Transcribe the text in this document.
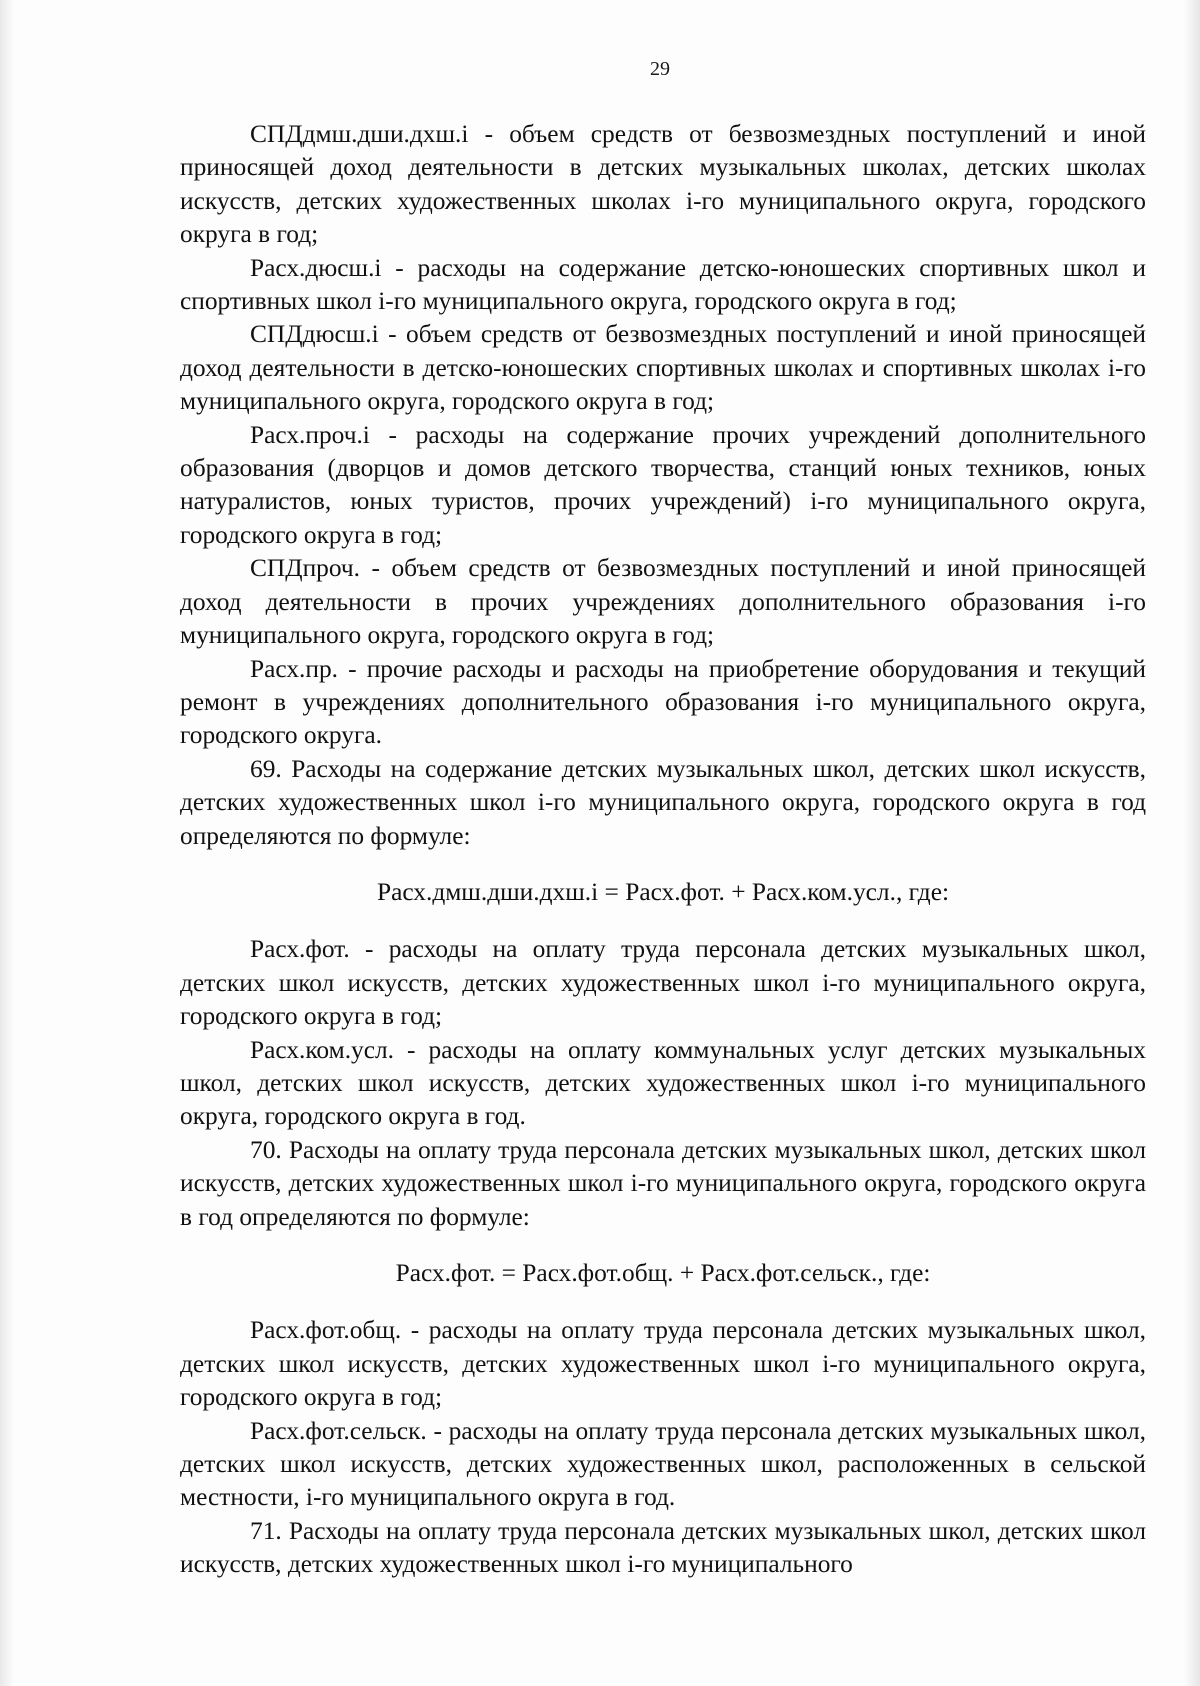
29

СПДдмш.дши.дхш.i - объем средств от безвозмездных поступлений и иной приносящей доход деятельности в детских музыкальных школах, детских школах искусств, детских художественных школах i-го муниципального округа, городского округа в год;

Расх.дюсш.i - расходы на содержание детско-юношеских спортивных школ и спортивных школ i-го муниципального округа, городского округа в год;

СПДдюсш.i - объем средств от безвозмездных поступлений и иной приносящей доход деятельности в детско-юношеских спортивных школах и спортивных школах i-го муниципального округа, городского округа в год;

Расх.проч.i - расходы на содержание прочих учреждений дополнительного образования (дворцов и домов детского творчества, станций юных техников, юных натуралистов, юных туристов, прочих учреждений) i-го муниципального округа, городского округа в год;

СПДпроч. - объем средств от безвозмездных поступлений и иной приносящей доход деятельности в прочих учреждениях дополнительного образования i-го муниципального округа, городского округа в год;

Расх.пр. - прочие расходы и расходы на приобретение оборудования и текущий ремонт в учреждениях дополнительного образования i-го муниципального округа, городского округа.

69. Расходы на содержание детских музыкальных школ, детских школ искусств, детских художественных школ i-го муниципального округа, городского округа в год определяются по формуле:

Расх.дмш.дши.дхш.i = Расх.фот. + Расх.ком.усл., где:

Расх.фот. - расходы на оплату труда персонала детских музыкальных школ, детских школ искусств, детских художественных школ i-го муниципального округа, городского округа в год;

Расх.ком.усл. - расходы на оплату коммунальных услуг детских музыкальных школ, детских школ искусств, детских художественных школ i-го муниципального округа, городского округа в год.

70. Расходы на оплату труда персонала детских музыкальных школ, детских школ искусств, детских художественных школ i-го муниципального округа, городского округа в год определяются по формуле:

Расх.фот. = Расх.фот.общ. + Расх.фот.сельск., где:

Расх.фот.общ. - расходы на оплату труда персонала детских музыкальных школ, детских школ искусств, детских художественных школ i-го муниципального округа, городского округа в год;

Расх.фот.сельск. - расходы на оплату труда персонала детских музыкальных школ, детских школ искусств, детских художественных школ, расположенных в сельской местности, i-го муниципального округа в год.

71. Расходы на оплату труда персонала детских музыкальных школ, детских школ искусств, детских художественных школ i-го муниципального
